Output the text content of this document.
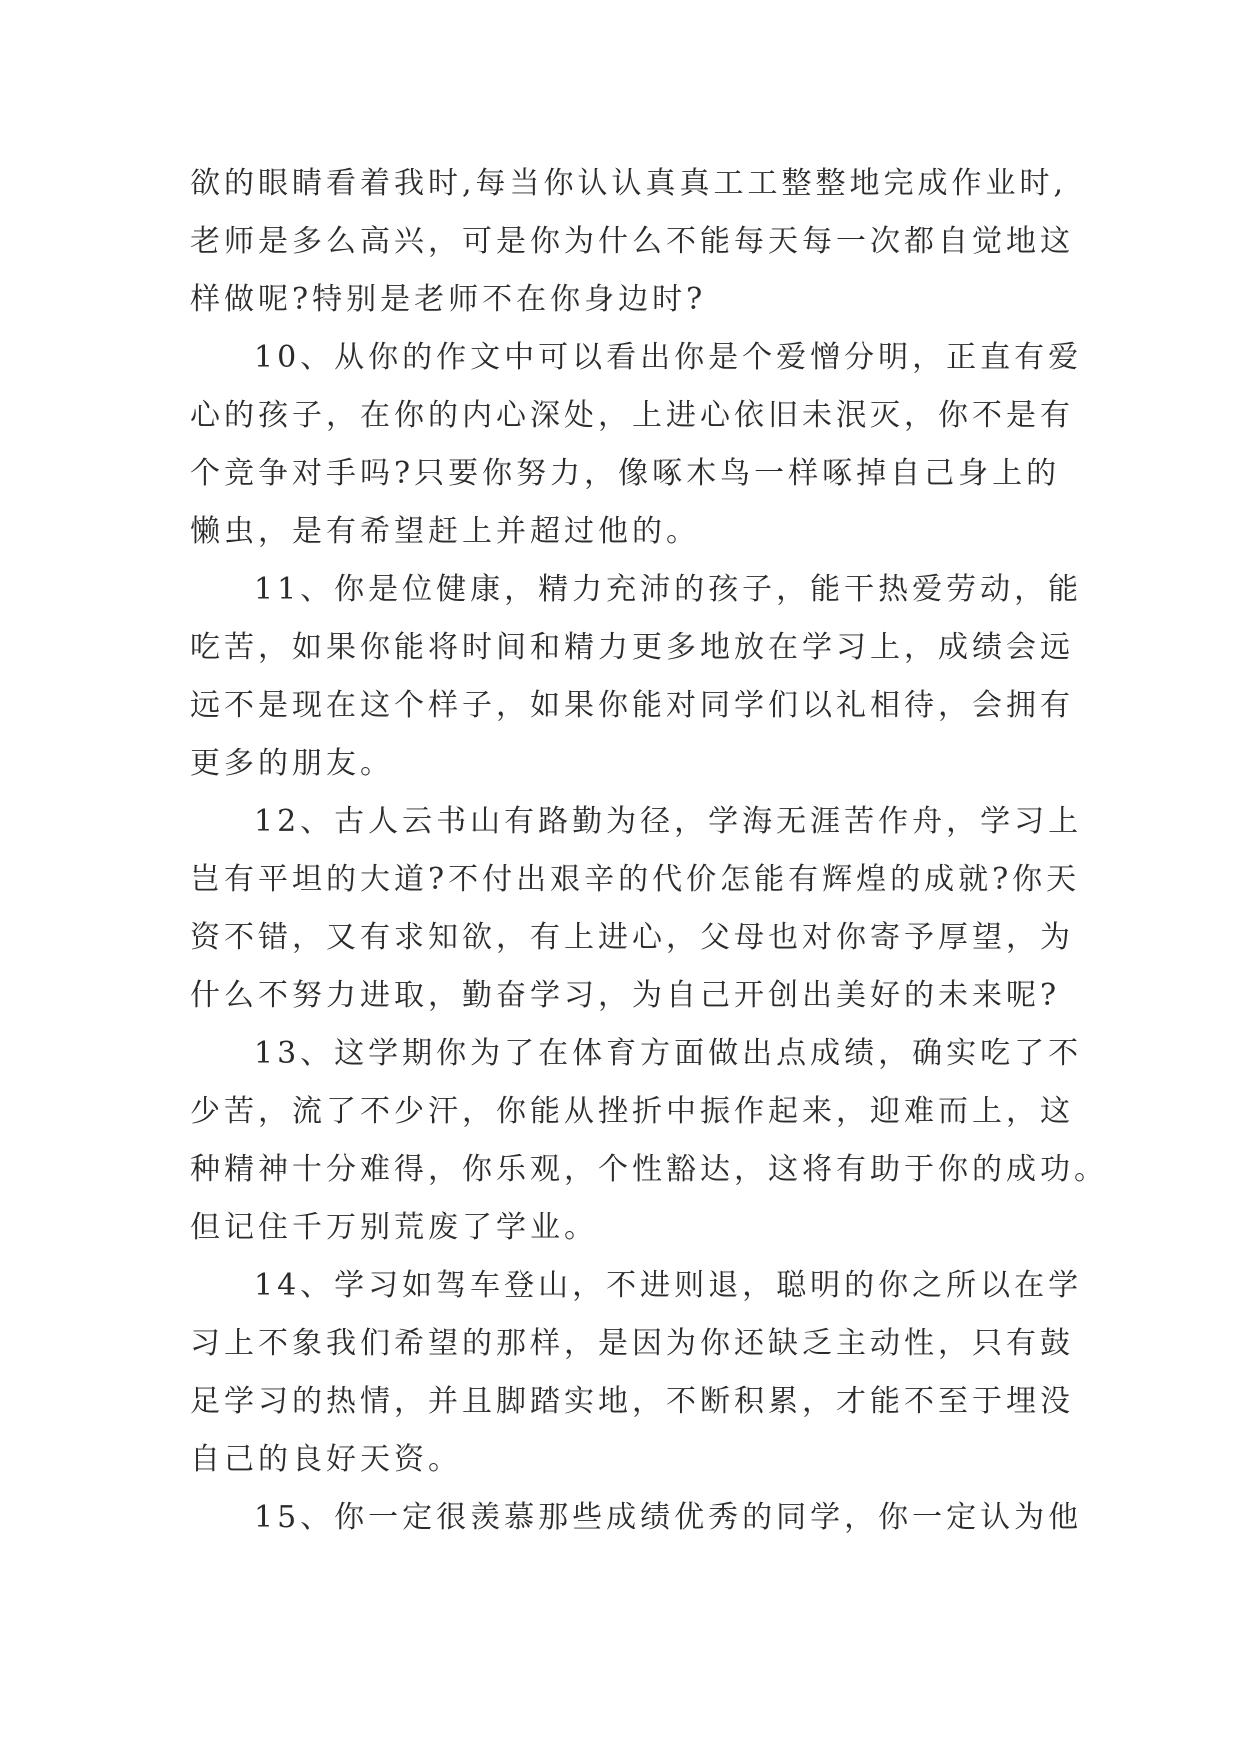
欲的眼睛看着我时,每当你认认真真工工整整地完成作业时,
老师是多么高兴，可是你为什么不能每天每一次都自觉地这
样做呢?特别是老师不在你身边时?
10、从你的作文中可以看出你是个爱憎分明，正直有爱
心的孩子，在你的内心深处，上进心依旧未泯灭，你不是有
个竞争对手吗?只要你努力，像啄木鸟一样啄掉自己身上的
懒虫，是有希望赶上并超过他的。
11、你是位健康，精力充沛的孩子，能干热爱劳动，能
吃苦，如果你能将时间和精力更多地放在学习上，成绩会远
远不是现在这个样子，如果你能对同学们以礼相待，会拥有
更多的朋友。
12、古人云书山有路勤为径，学海无涯苦作舟，学习上
岂有平坦的大道?不付出艰辛的代价怎能有辉煌的成就?你天
资不错，又有求知欲，有上进心，父母也对你寄予厚望，为
什么不努力进取，勤奋学习，为自己开创出美好的未来呢?
13、这学期你为了在体育方面做出点成绩，确实吃了不
少苦，流了不少汗，你能从挫折中振作起来，迎难而上，这
种精神十分难得，你乐观，个性豁达，这将有助于你的成功。
但记住千万别荒废了学业。
14、学习如驾车登山，不进则退，聪明的你之所以在学
习上不象我们希望的那样，是因为你还缺乏主动性，只有鼓
足学习的热情，并且脚踏实地，不断积累，才能不至于埋没
自己的良好天资。
15、你一定很羡慕那些成绩优秀的同学，你一定认为他
